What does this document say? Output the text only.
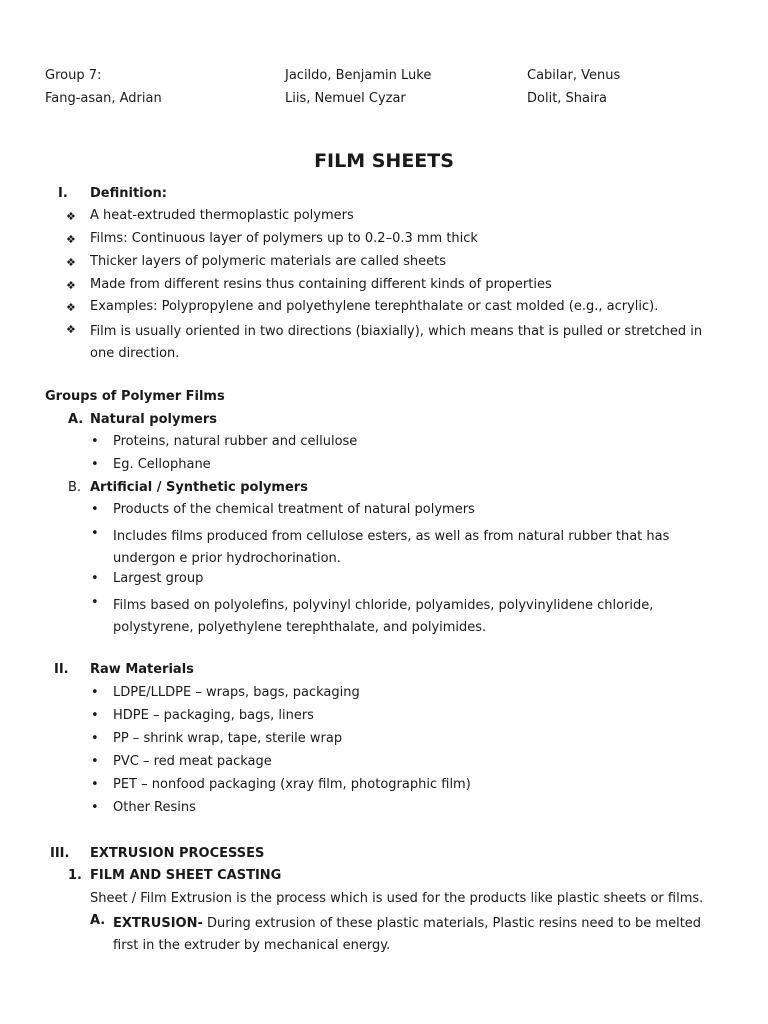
Group 7:
Fang-asan, Adrian
Jacildo, Benjamin Luke
Liis, Nemuel Cyzar
Cabilar, Venus
Dolit, Shaira
FILM SHEETS
I. Definition:
❖ A heat-extruded thermoplastic polymers
❖ Films: Continuous layer of polymers up to 0.2–0.3 mm thick
❖ Thicker layers of polymeric materials are called sheets
❖ Made from different resins thus containing different kinds of properties
❖ Examples: Polypropylene and polyethylene terephthalate or cast molded (e.g., acrylic).
❖ Film is usually oriented in two directions (biaxially), which means that is pulled or stretched in one direction.
Groups of Polymer Films
A. Natural polymers
• Proteins, natural rubber and cellulose
• Eg. Cellophane
B. Artificial / Synthetic polymers
• Products of the chemical treatment of natural polymers
• Includes films produced from cellulose esters, as well as from natural rubber that has undergon e prior hydrochorination.
• Largest group
• Films based on polyolefins, polyvinyl chloride, polyamides, polyvinylidene chloride, polystyrene, polyethylene terephthalate, and polyimides.
II. Raw Materials
• LDPE/LLDPE – wraps, bags, packaging
• HDPE – packaging, bags, liners
• PP – shrink wrap, tape, sterile wrap
• PVC – red meat package
• PET – nonfood packaging (xray film, photographic film)
• Other Resins
III. EXTRUSION PROCESSES
1. FILM AND SHEET CASTING
Sheet / Film Extrusion is the process which is used for the products like plastic sheets or films.
A. EXTRUSION- During extrusion of these plastic materials, Plastic resins need to be melted first in the extruder by mechanical energy.
